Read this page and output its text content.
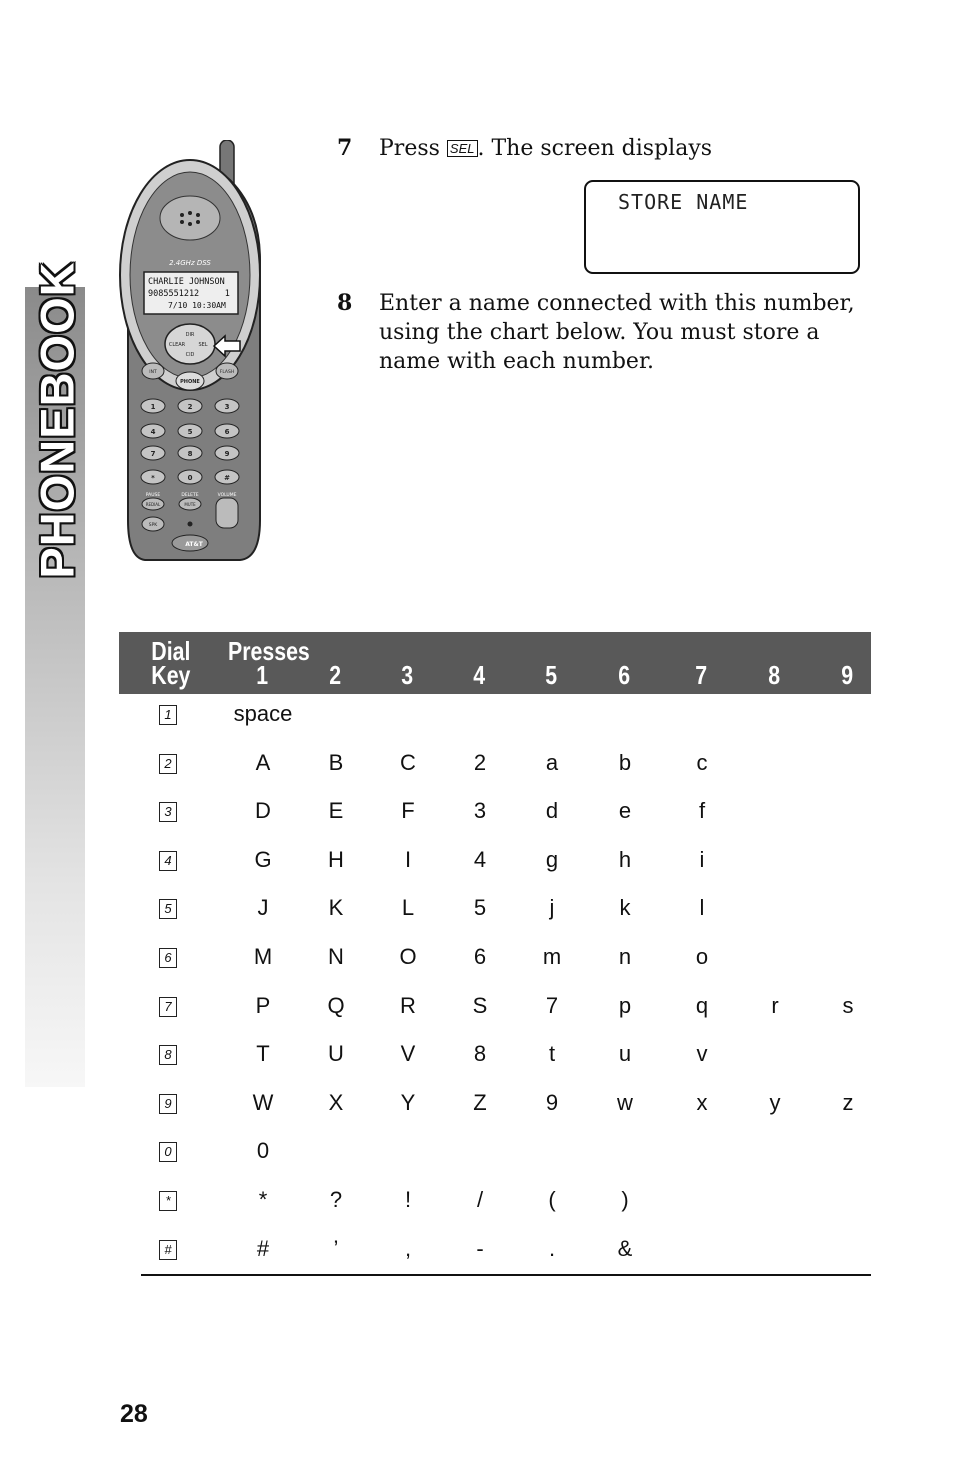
PHONEBOOK	2.4GHz DSS
CHARLIE JOHNSON
9085551212     1
7/10 10:30AM
DIR
CLEAR	SEL
CID
INT	FLASH
PHONE
1	2	3
4	5	6
7	8	9
*	0	#
PAUSE	DELETE	VOLUME
REDIAL	MUTE
SPK
AT&T
7 Press SEL . The screen displays
STORE NAME
8 Enter a name connected with this number, using the chart below. You must store a name with each number.
Dial
Key
Presses
1 2 3 4 5 6	7 8 9
1	space
2	A	B	C	2	a	b	c
3	D	E	F	3	d	e	f
4	G	H	I	4	g	h	i
5	J	K	L	5	j	k	l
6	M	N	O	6	m	n	o
7	P	Q	R	S	7	p	q	r	s
8	T	U	V	8	t	u	v
9	W	X	Y	Z	9	w	x	y	z
0	0
*	*	?	!	/	(	)
#	#	’	,	-	.	&
28
